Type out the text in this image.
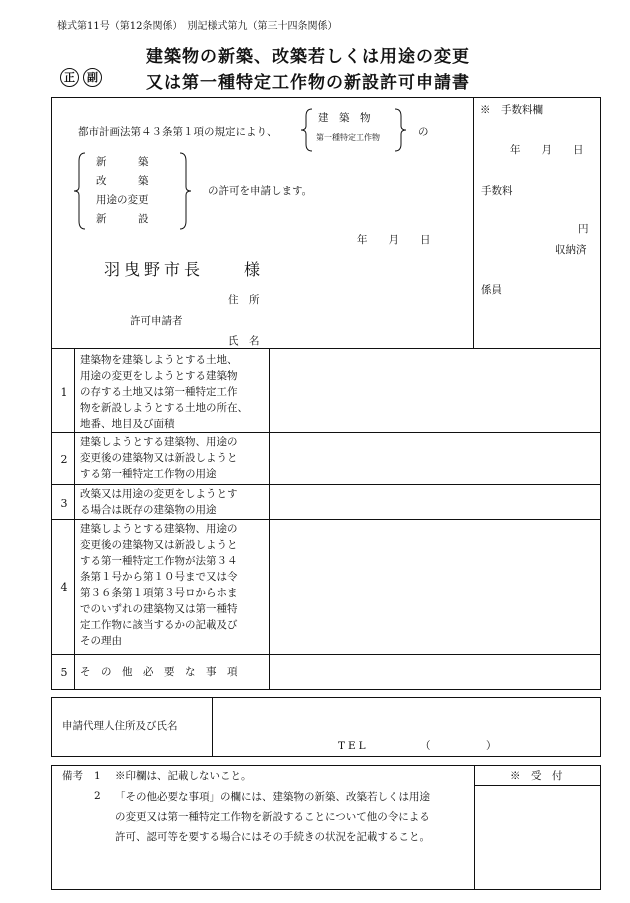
様式第11号（第12条関係）　別記様式第九（第三十四条関係）
建築物の新築、改築若しくは用途の変更
又は第一種特定工作物の新設許可申請書
正	副
都市計画法第４３条第１項の規定により、
建　築　物
第一種特定工作物	の
新　　　築
改　　　築
用途の変更
新　　　設
の許可を申請します。
年　　月　　日
羽曳野市長　　様
住　所
許可申請者
氏　名
※　手数料欄
年　　月　　日
手数料
円
収納済
係員
1
建築物を建築しようとする土地、
用途の変更をしようとする建築物
の存する土地又は第一種特定工作
物を新設しようとする土地の所在、
地番、地目及び面積
2
建築しようとする建築物、用途の
変更後の建築物又は新設しようと
する第一種特定工作物の用途
3
改築又は用途の変更をしようとす
る場合は既存の建築物の用途
4
建築しようとする建築物、用途の
変更後の建築物又は新設しようと
する第一種特定工作物が法第３４
条第１号から第１０号まで又は令
第３６条第１項第３号ロからホま
でのいずれの建築物又は第一種特
定工作物に該当するかの記載及び
その理由
5	そ　の　他　必　要　な　事　項
申請代理人住所及び氏名
TEL	（	）
※　受　付
備考 1 ※印欄は、記載しないこと。
2 「その他必要な事項」の欄には、建築物の新築、改築若しくは用途
の変更又は第一種特定工作物を新設することについて他の令による
許可、認可等を要する場合にはその手続きの状況を記載すること。
